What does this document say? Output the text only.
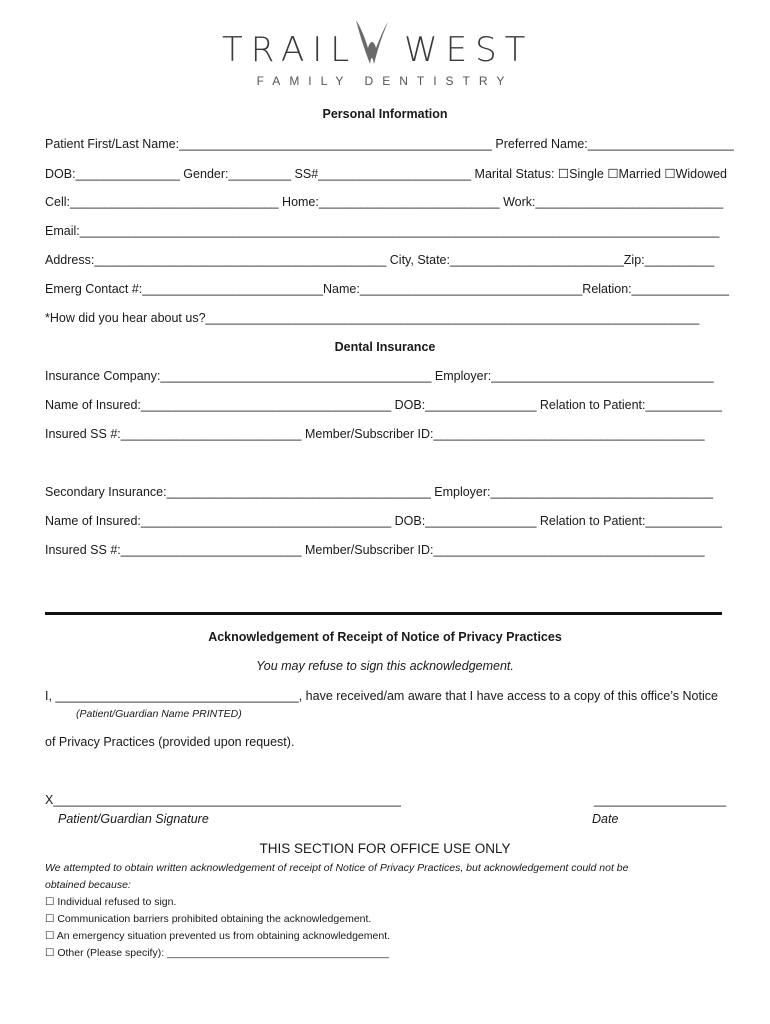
TRAIL WEST
FAMILY DENTISTRY
Personal Information
Patient First/Last Name:_____________________________________________ Preferred Name:_____________________
DOB:_______________ Gender:_________ SS#______________________ Marital Status: ☐Single ☐Married ☐Widowed
Cell:______________________________ Home:__________________________ Work:___________________________
Email:____________________________________________________________________________________________
Address:__________________________________________ City, State:_________________________Zip:__________
Emerg Contact #:__________________________Name:________________________________Relation:______________
*How did you hear about us?_______________________________________________________________________
Dental Insurance
Insurance Company:_______________________________________ Employer:________________________________
Name of Insured:____________________________________ DOB:________________ Relation to Patient:___________
Insured SS #:__________________________ Member/Subscriber ID:_______________________________________
Secondary Insurance:______________________________________ Employer:________________________________
Name of Insured:____________________________________ DOB:________________ Relation to Patient:___________
Insured SS #:__________________________ Member/Subscriber ID:_______________________________________
Acknowledgement of Receipt of Notice of Privacy Practices
You may refuse to sign this acknowledgement.
I, ___________________________________, have received/am aware that I have access to a copy of this office’s Notice
(Patient/Guardian Name PRINTED)
of Privacy Practices (provided upon request).
X__________________________________________________	___________________
Patient/Guardian Signature	Date
THIS SECTION FOR OFFICE USE ONLY
We attempted to obtain written acknowledgement of receipt of Notice of Privacy Practices, but acknowledgement could not be
obtained because:
☐ Individual refused to sign.
☐ Communication barriers prohibited obtaining the acknowledgement.
☐ An emergency situation prevented us from obtaining acknowledgement.
☐ Other (Please specify): ______________________________________
